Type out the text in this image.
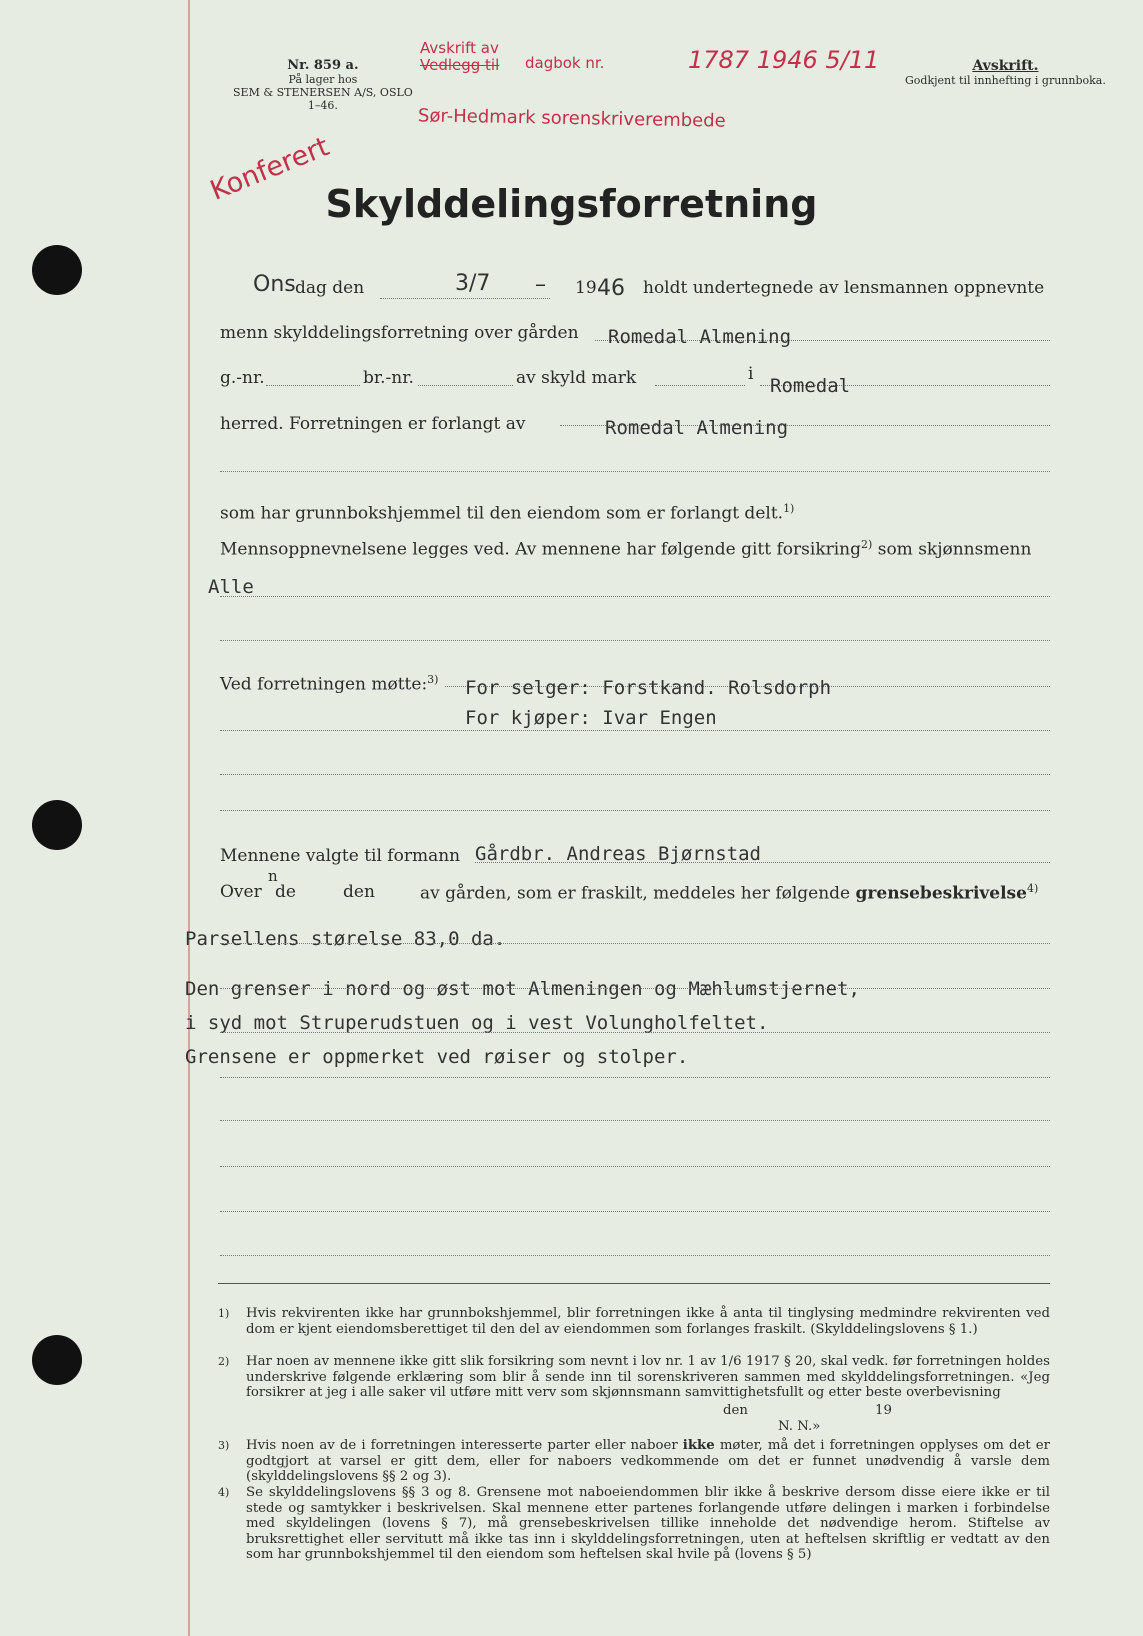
Nr. 859 a.
På lager hos
SEM & STENERSEN A/S, OSLO
1–46.
Avskrift av
Vedlegg til dagbok nr.	1787 1946 5/11
Sør-Hedmark sorenskriverembede
Konferert
Avskrift.
Godkjent til innhefting i grunnboka.
Skylddelingsforretning
Ons dag den	3/7 – 19 46 holdt undertegnede av lensmannen oppnevnte
menn skylddelingsforretning over gården Romedal Almening
g.-nr.	br.-nr.	av skyld mark	i
Romedal
herred. Forretningen er forlangt av	Romedal Almening
som har grunnbokshjemmel til den eiendom som er forlangt delt.$^{1)}$
Mennsoppnevnelsene legges ved. Av mennene har følgende gitt forsikring$^{2)}$ som skjønnsmenn
Alle
Ved forretningen møtte:$^{3)}$ For selger: Forstkand. Rolsdorph
For kjøper: Ivar Engen
Mennene valgte til formann Gårdbr. Andreas Bjørnstad
Over
n
de	den	av gården, som er fraskilt, meddeles her følgende grensebeskrivelse$^{4)}$
Parsellens størelse 83,0 da.
Den grenser i nord og øst mot Almeningen og Mæhlumstjernet,
i syd mot Struperudstuen og i vest Volungholfeltet.
Grensene er oppmerket ved røiser og stolper.
1) Hvis rekvirenten ikke har grunnbokshjemmel, blir forretningen ikke å anta til tinglysing medmindre rekvirenten ved dom er kjent eiendomsberettiget til den del av eiendommen som forlanges fraskilt. (Skylddelingslovens § 1.)
2) Har noen av mennene ikke gitt slik forsikring som nevnt i lov nr. 1 av 1/6 1917 § 20, skal vedk. før forretningen holdes underskrive følgende erklæring som blir å sende inn til sorenskriveren sammen med skylddelingsforretningen. «Jeg forsikrer at jeg i alle saker vil utføre mitt verv som skjønnsmann samvittighetsfullt og etter beste overbevisning
den	19
N. N.»
3) Hvis noen av de i forretningen interesserte parter eller naboer ikke møter, må det i forretningen opplyses om det er godtgjort at varsel er gitt dem, eller for naboers vedkommende om det er funnet unødvendig å varsle dem (skylddelingslovens §§ 2 og 3).
4) Se skylddelingslovens §§ 3 og 8. Grensene mot naboeiendommen blir ikke å beskrive dersom disse eiere ikke er til stede og samtykker i beskrivelsen. Skal mennene etter partenes forlangende utføre delingen i marken i forbindelse med skyldelingen (lovens § 7), må grensebeskrivelsen tillike inneholde det nødvendige herom. Stiftelse av bruksrettighet eller servitutt må ikke tas inn i skylddelingsforretningen, uten at heftelsen skriftlig er vedtatt av den som har grunnbokshjemmel til den eiendom som heftelsen skal hvile på (lovens § 5)
